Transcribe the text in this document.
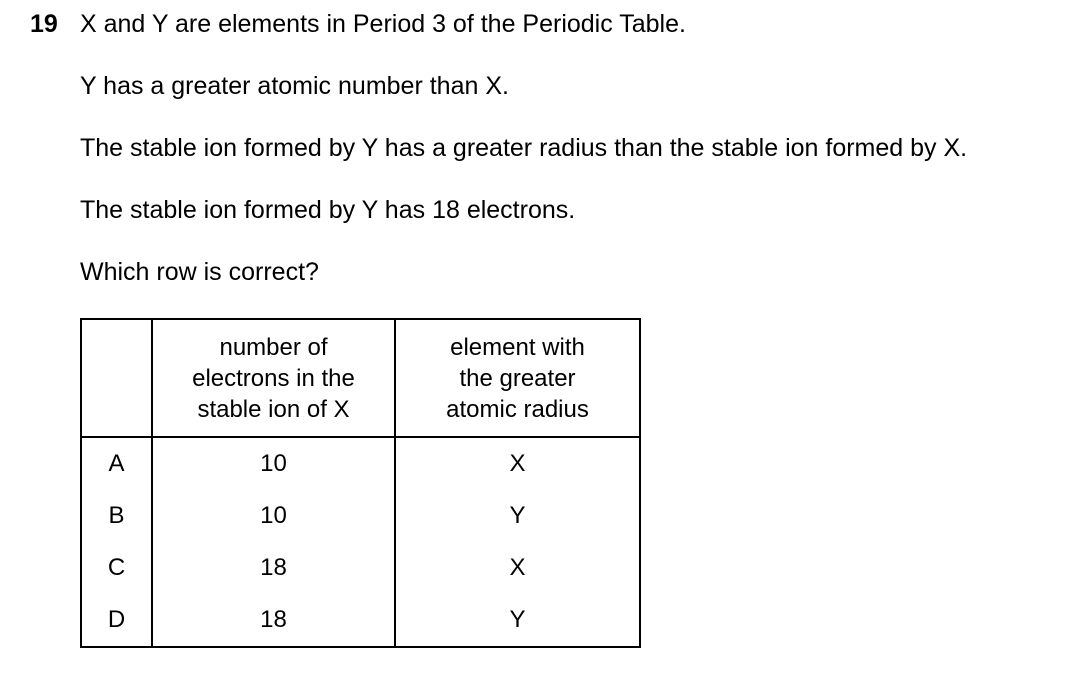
19 X and Y are elements in Period 3 of the Periodic Table.
Y has a greater atomic number than X.
The stable ion formed by Y has a greater radius than the stable ion formed by X.
The stable ion formed by Y has 18 electrons.
Which row is correct?

	number of
electrons in the
stable ion of X	element with
the greater
atomic radius

A	10	X
B	10	Y
C	18	X
D	18	Y
